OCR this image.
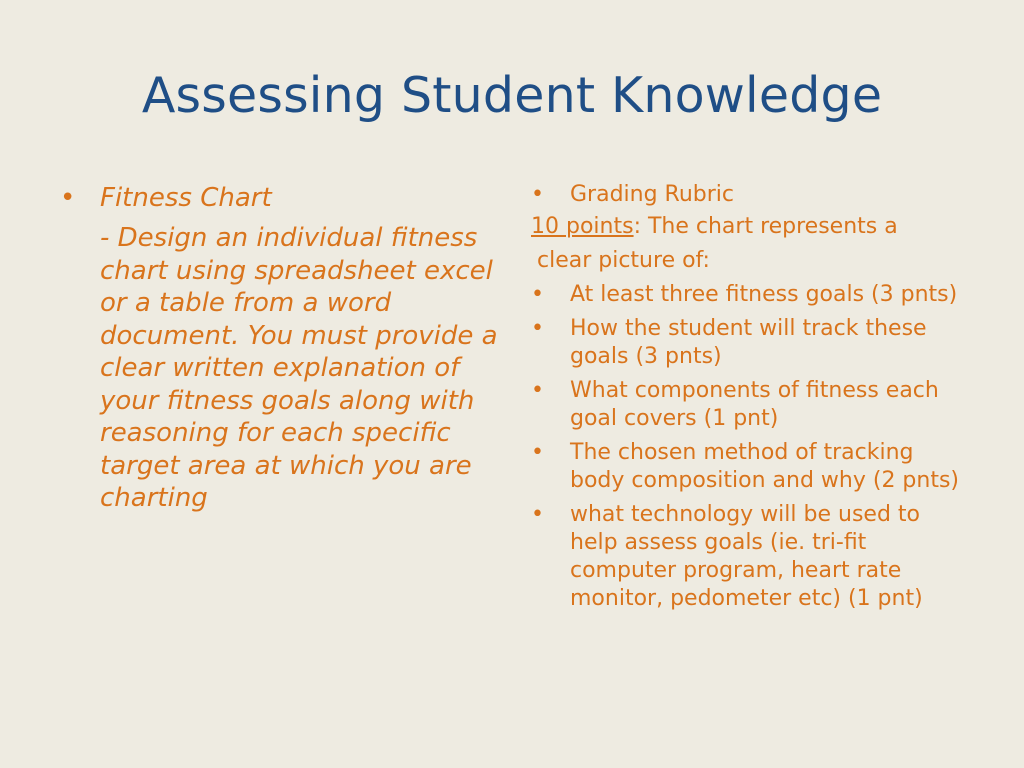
Assessing Student Knowledge
• Fitness Chart
- Design an individual fitness chart using spreadsheet excel or a table from a word document. You must provide a clear written explanation of your fitness goals along with reasoning for each specific target area at which you are charting
• Grading Rubric
10 points: The chart represents a
clear picture of:
• At least three fitness goals (3 pnts)
• How the student will track these goals (3 pnts)
• What components of fitness each goal covers (1 pnt)
• The chosen method of tracking body composition and why (2 pnts)
• what technology will be used to help assess goals (ie. tri-fit computer program, heart rate monitor, pedometer etc) (1 pnt)
